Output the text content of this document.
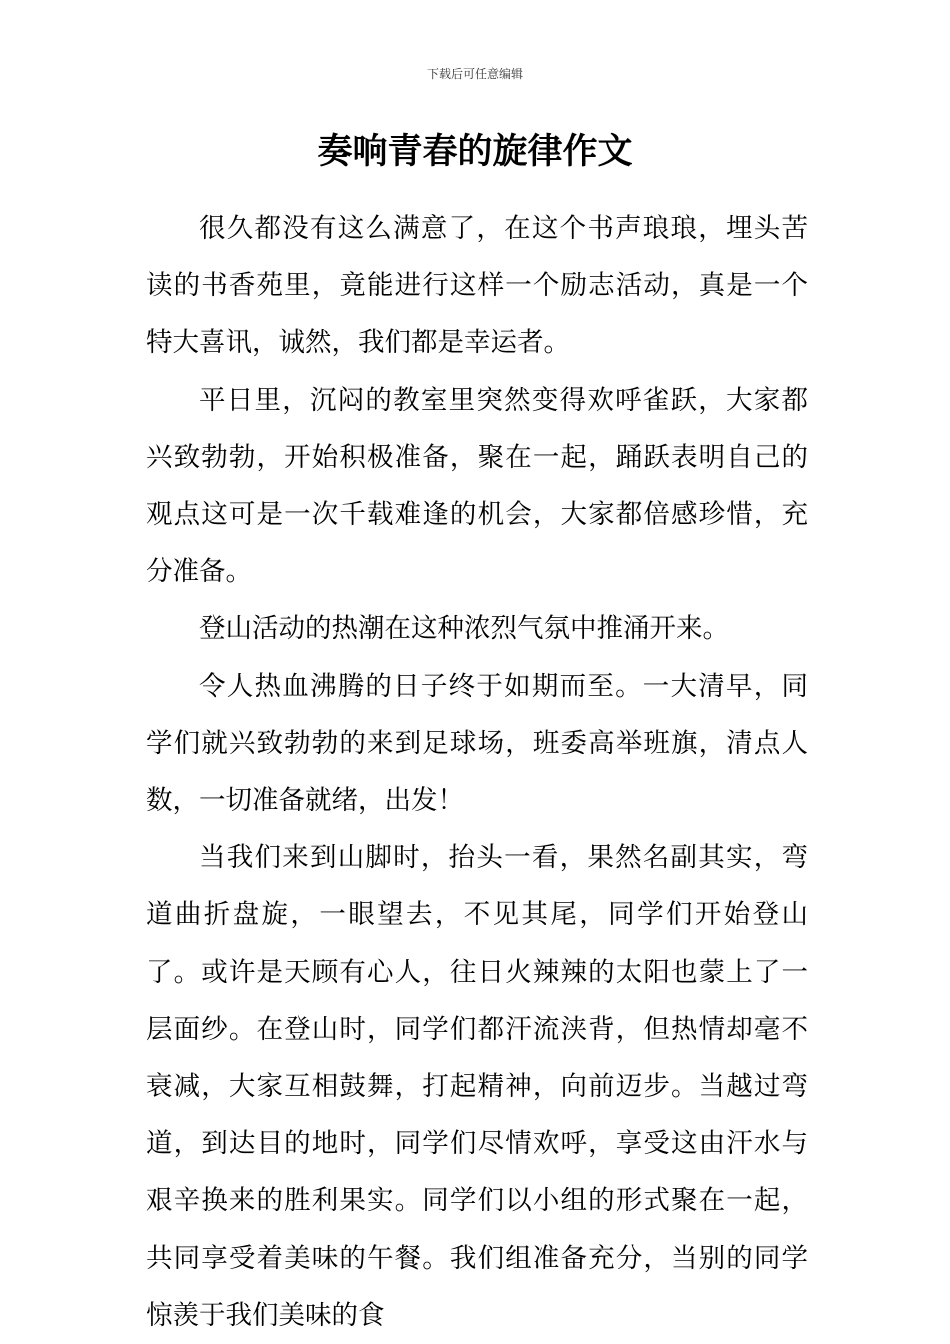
下载后可任意编辑
奏响青春的旋律作文

很久都没有这么满意了，在这个书声琅琅，埋头苦读的书香苑里，竟能进行这样一个励志活动，真是一个特大喜讯，诚然，我们都是幸运者。

平日里，沉闷的教室里突然变得欢呼雀跃，大家都兴致勃勃，开始积极准备，聚在一起，踊跃表明自己的观点这可是一次千载难逢的机会，大家都倍感珍惜，充分准备。

登山活动的热潮在这种浓烈气氛中推涌开来。

令人热血沸腾的日子终于如期而至。一大清早，同学们就兴致勃勃的来到足球场，班委高举班旗，清点人数，一切准备就绪，出发！

当我们来到山脚时，抬头一看，果然名副其实，弯道曲折盘旋，一眼望去，不见其尾，同学们开始登山了。或许是天顾有心人，往日火辣辣的太阳也蒙上了一层面纱。在登山时，同学们都汗流浃背，但热情却毫不衰减，大家互相鼓舞，打起精神，向前迈步。当越过弯道，到达目的地时，同学们尽情欢呼，享受这由汗水与艰辛换来的胜利果实。同学们以小组的形式聚在一起，共同享受着美味的午餐。我们组准备充分，当别的同学惊羡于我们美味的食
